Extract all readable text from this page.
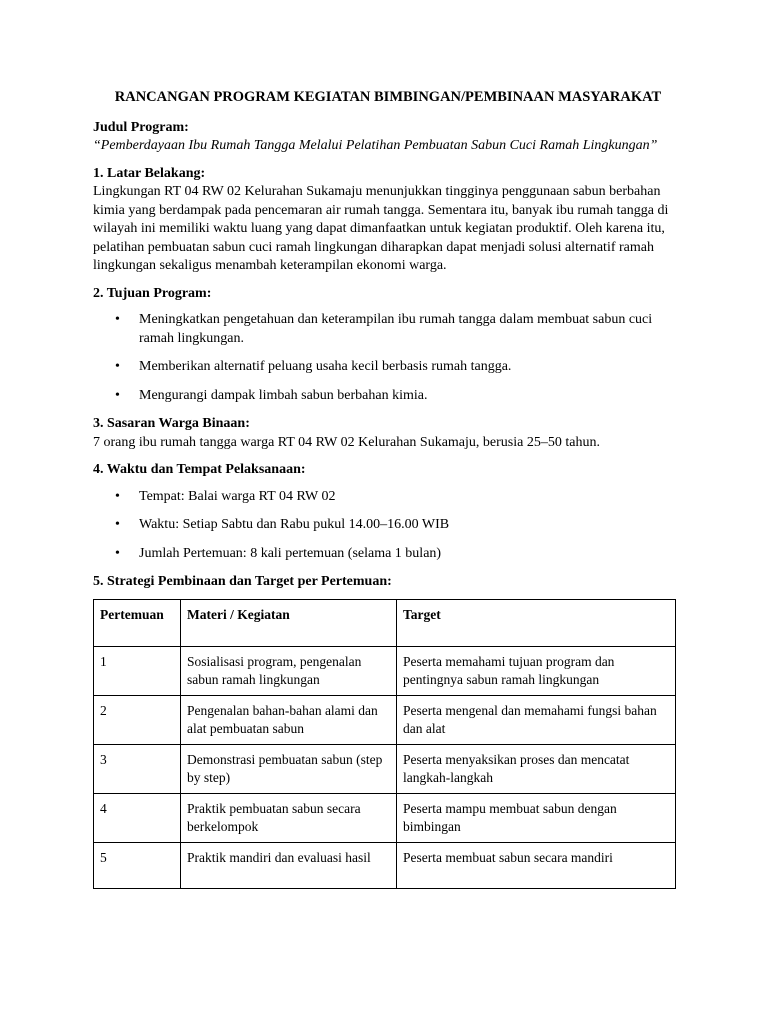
RANCANGAN PROGRAM KEGIATAN BIMBINGAN/PEMBINAAN MASYARAKAT

Judul Program:

“Pemberdayaan Ibu Rumah Tangga Melalui Pelatihan Pembuatan Sabun Cuci Ramah Lingkungan”

1. Latar Belakang:

Lingkungan RT 04 RW 02 Kelurahan Sukamaju menunjukkan tingginya penggunaan sabun berbahan kimia yang berdampak pada pencemaran air rumah tangga. Sementara itu, banyak ibu rumah tangga di wilayah ini memiliki waktu luang yang dapat dimanfaatkan untuk kegiatan produktif. Oleh karena itu, pelatihan pembuatan sabun cuci ramah lingkungan diharapkan dapat menjadi solusi alternatif ramah lingkungan sekaligus menambah keterampilan ekonomi warga.

2. Tujuan Program:

• Meningkatkan pengetahuan dan keterampilan ibu rumah tangga dalam membuat sabun cuci ramah lingkungan.
• Memberikan alternatif peluang usaha kecil berbasis rumah tangga.
• Mengurangi dampak limbah sabun berbahan kimia.

3. Sasaran Warga Binaan:

7 orang ibu rumah tangga warga RT 04 RW 02 Kelurahan Sukamaju, berusia 25–50 tahun.

4. Waktu dan Tempat Pelaksanaan:

• Tempat: Balai warga RT 04 RW 02
• Waktu: Setiap Sabtu dan Rabu pukul 14.00–16.00 WIB
• Jumlah Pertemuan: 8 kali pertemuan (selama 1 bulan)

5. Strategi Pembinaan dan Target per Pertemuan:

Pertemuan	Materi / Kegiatan	Target
1	Sosialisasi program, pengenalan sabun ramah lingkungan	Peserta memahami tujuan program dan pentingnya sabun ramah lingkungan
2	Pengenalan bahan-bahan alami dan alat pembuatan sabun	Peserta mengenal dan memahami fungsi bahan dan alat
3	Demonstrasi pembuatan sabun (step by step)	Peserta menyaksikan proses dan mencatat langkah-langkah
4	Praktik pembuatan sabun secara berkelompok	Peserta mampu membuat sabun dengan bimbingan
5	Praktik mandiri dan evaluasi hasil	Peserta membuat sabun secara mandiri
